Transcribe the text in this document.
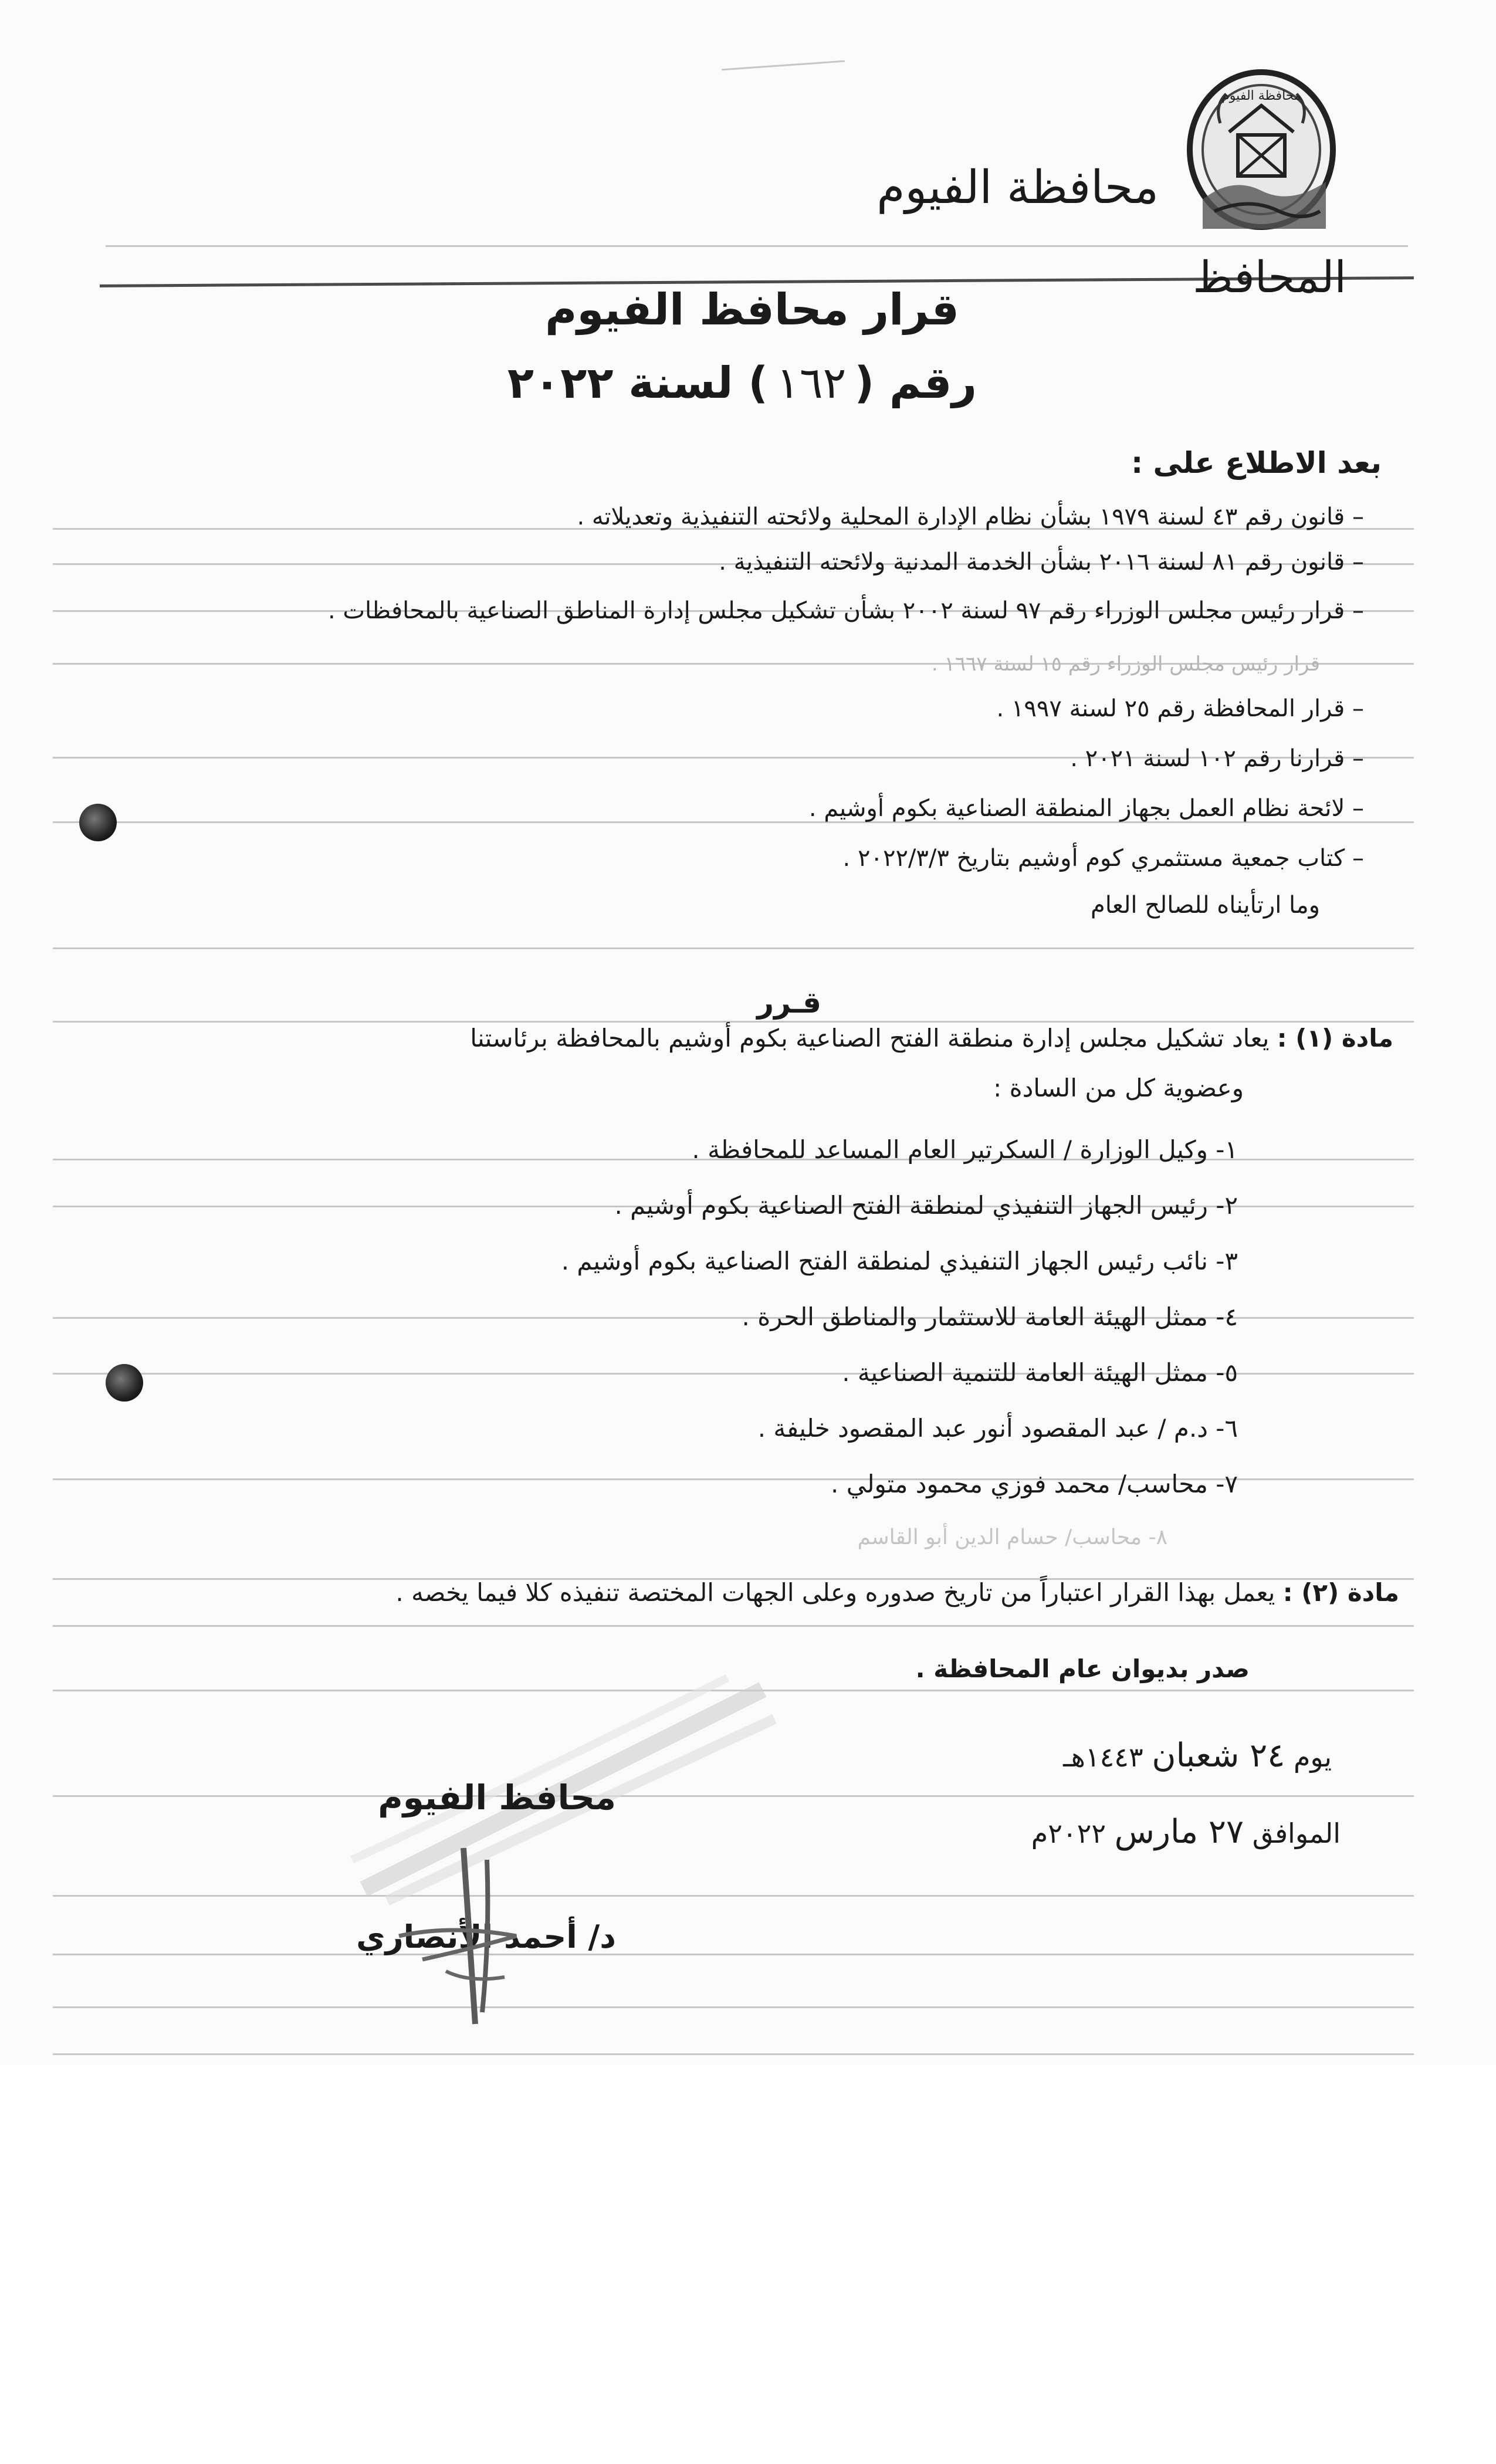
محافظة الفيوم
محافظة الفيوم
المحافظ
قرار محافظ الفيوم
رقم (١٦٢) لسنة ٢٠٢٢
بعد الاطلاع على :
– قانون رقم ٤٣ لسنة ١٩٧٩ بشأن نظام الإدارة المحلية ولائحته التنفيذية وتعديلاته .
– قانون رقم ٨١ لسنة ٢٠١٦ بشأن الخدمة المدنية ولائحته التنفيذية .
– قرار رئيس مجلس الوزراء رقم ٩٧ لسنة ٢٠٠٢ بشأن تشكيل مجلس إدارة المناطق الصناعية بالمحافظات .
قرار رئيس مجلس الوزراء رقم ١٥ لسنة ١٦٦٧ .
– قرار المحافظة رقم ٢٥ لسنة ١٩٩٧ .
– قرارنا رقم ١٠٢ لسنة ٢٠٢١ .
– لائحة نظام العمل بجهاز المنطقة الصناعية بكوم أوشيم .
– كتاب جمعية مستثمري كوم أوشيم بتاريخ ٢٠٢٢/٣/٣ .
وما ارتأيناه للصالح العام
قـرر
مادة (١) : يعاد تشكيل مجلس إدارة منطقة الفتح الصناعية بكوم أوشيم بالمحافظة برئاستنا
وعضوية كل من السادة :
١- وكيل الوزارة / السكرتير العام المساعد للمحافظة .
٢- رئيس الجهاز التنفيذي لمنطقة الفتح الصناعية بكوم أوشيم .
٣- نائب رئيس الجهاز التنفيذي لمنطقة الفتح الصناعية بكوم أوشيم .
٤- ممثل الهيئة العامة للاستثمار والمناطق الحرة .
٥- ممثل الهيئة العامة للتنمية الصناعية .
٦- د.م / عبد المقصود أنور عبد المقصود خليفة .
٧- محاسب/ محمد فوزي محمود متولي .
٨- محاسب/ حسام الدين أبو القاسم
مادة (٢) : يعمل بهذا القرار اعتباراً من تاريخ صدوره وعلى الجهات المختصة تنفيذه كلا فيما يخصه .
صدر بديوان عام المحافظة .
يوم ٢٤ شعبان ١٤٤٣هـ
الموافق ٢٧ مارس ٢٠٢٢م
محافظ الفيوم
د/ أحمد الأنصاري
